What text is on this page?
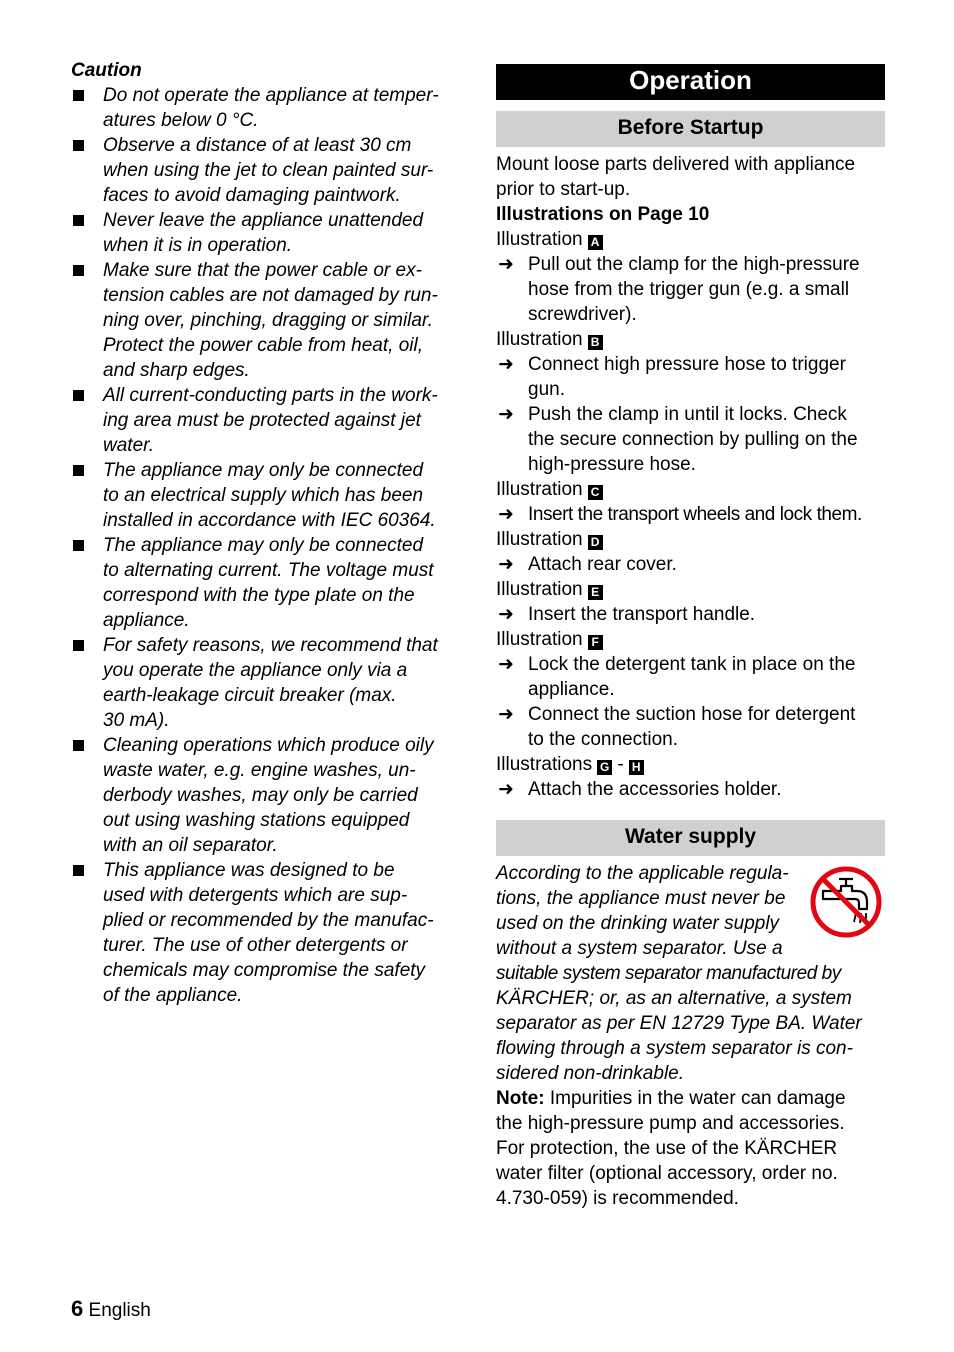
Caution
Do not operate the appliance at temper-
atures below 0 °C.
Observe a distance of at least 30 cm
when using the jet to clean painted sur-
faces to avoid damaging paintwork.
Never leave the appliance unattended
when it is in operation.
Make sure that the power cable or ex-
tension cables are not damaged by run-
ning over, pinching, dragging or similar.
Protect the power cable from heat, oil,
and sharp edges.
All current-conducting parts in the work-
ing area must be protected against jet
water.
The appliance may only be connected
to an electrical supply which has been
installed in accordance with IEC 60364.
The appliance may only be connected
to alternating current. The voltage must
correspond with the type plate on the
appliance.
For safety reasons, we recommend that
you operate the appliance only via a
earth-leakage circuit breaker (max.
30 mA).
Cleaning operations which produce oily
waste water, e.g. engine washes, un-
derbody washes, may only be carried
out using washing stations equipped
with an oil separator.
This appliance was designed to be
used with detergents which are sup-
plied or recommended by the manufac-
turer. The use of other detergents or
chemicals may compromise the safety
of the appliance.
Operation
Before Startup

Mount loose parts delivered with appliance
prior to start-up.

Illustrations on Page 10

Illustration A

➜ Pull out the clamp for the high-pressure
hose from the trigger gun (e.g. a small
screwdriver).

Illustration B

➜ Connect high pressure hose to trigger
gun.
➜ Push the clamp in until it locks. Check
the secure connection by pulling on the
high-pressure hose.

Illustration C

➜ Insert the transport wheels and lock them.

Illustration D

➜ Attach rear cover.

Illustration E

➜ Insert the transport handle.

Illustration F

➜ Lock the detergent tank in place on the
appliance.
➜ Connect the suction hose for detergent
to the connection.

Illustrations G - H

➜ Attach the accessories holder.
Water supply
According to the applicable regula-
tions, the appliance must never be
used on the drinking water supply
without a system separator. Use a
suitable system separator manufactured by
KÄRCHER; or, as an alternative, a system
separator as per EN 12729 Type BA. Water
flowing through a system separator is con-
sidered non-drinkable.

Note: Impurities in the water can damage
the high-pressure pump and accessories.
For protection, the use of the KÄRCHER
water filter (optional accessory, order no.
4.730-059) is recommended.

6 English
